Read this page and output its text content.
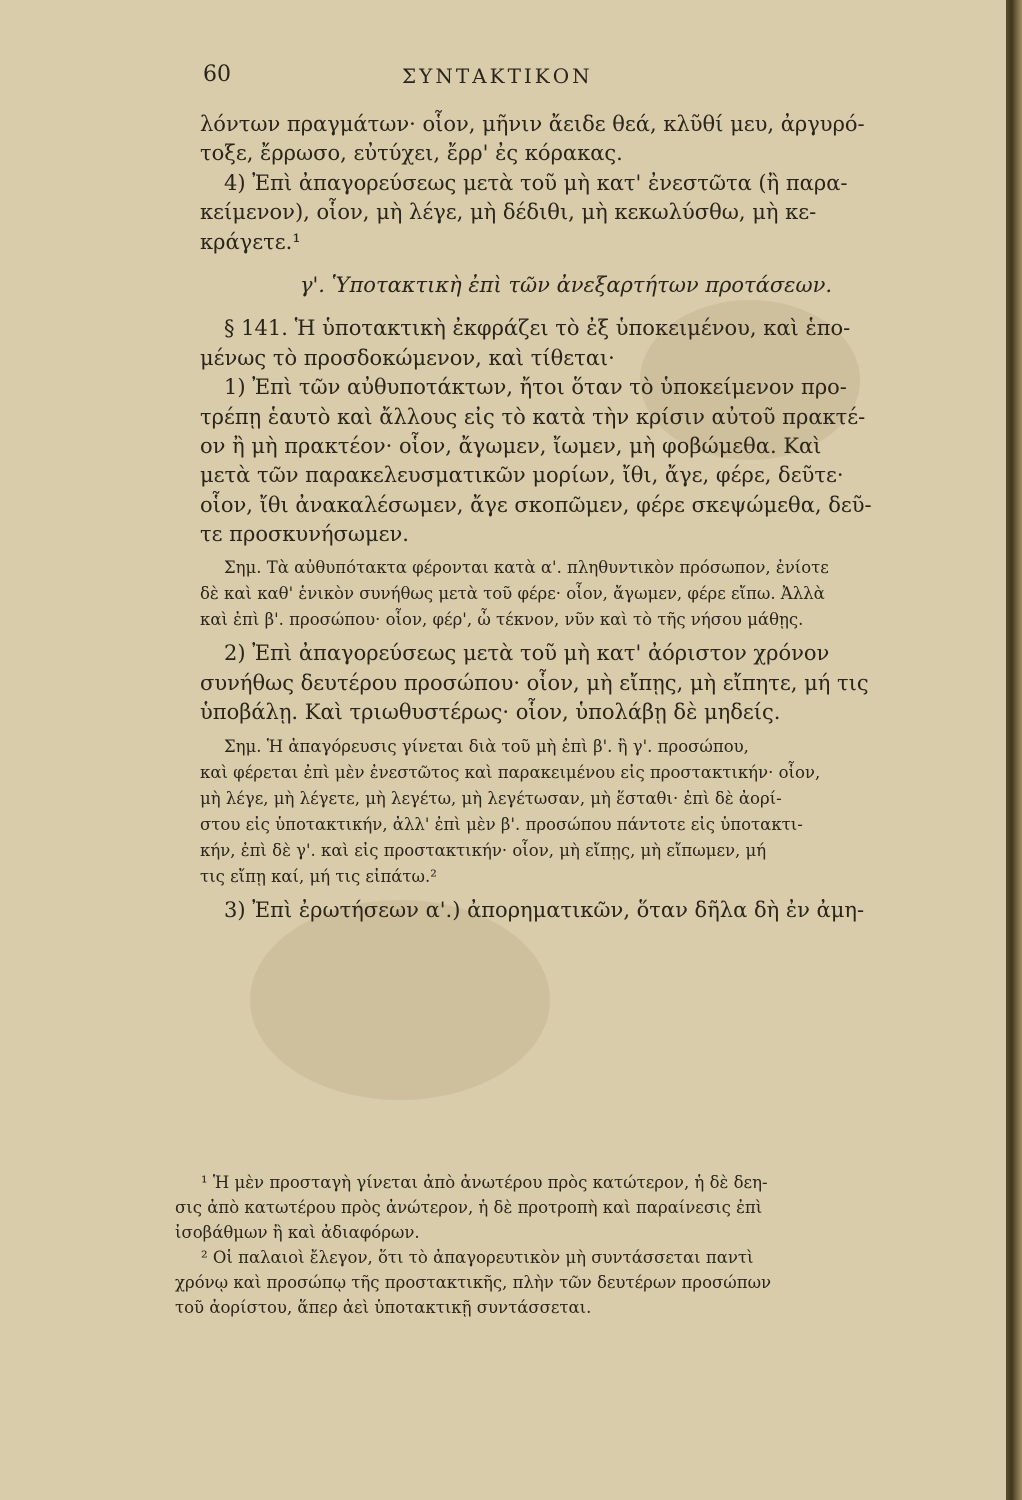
60	ΣΥΝΤΑΚΤΙΚΟΝ
λόντων πραγμάτων· οἷον, μῆνιν ἄειδε θεά, κλῦθί μευ, ἀργυρό-
τοξε, ἔρρωσο, εὐτύχει, ἔρρ' ἐς κόρακας.
4) Ἐπὶ ἀπαγορεύσεως μετὰ τοῦ μὴ κατ' ἐνεστῶτα (ἢ παρα-
κείμενον), οἷον, μὴ λέγε, μὴ δέδιθι, μὴ κεκωλύσθω, μὴ κε-
κράγετε.¹
γ'. Ὑποτακτικὴ ἐπὶ τῶν ἀνεξαρτήτων προτάσεων.
§ 141. Ἡ ὑποτακτικὴ ἐκφράζει τὸ ἐξ ὑποκειμένου, καὶ ἑπο-
μένως τὸ προσδοκώμενον, καὶ τίθεται·
1) Ἐπὶ τῶν αὐθυποτάκτων, ἤτοι ὅταν τὸ ὑποκείμενον προ-
τρέπῃ ἑαυτὸ καὶ ἄλλους εἰς τὸ κατὰ τὴν κρίσιν αὐτοῦ πρακτέ-
ον ἢ μὴ πρακτέον· οἷον, ἄγωμεν, ἴωμεν, μὴ φοβώμεθα. Καὶ
μετὰ τῶν παρακελευσματικῶν μορίων, ἴθι, ἄγε, φέρε, δεῦτε·
οἷον, ἴθι ἀνακαλέσωμεν, ἄγε σκοπῶμεν, φέρε σκεψώμεθα, δεῦ-
τε προσκυνήσωμεν.
Σημ. Τὰ αὐθυπότακτα φέρονται κατὰ α'. πληθυντικὸν πρόσωπον, ἐνίοτε
δὲ καὶ καθ' ἑνικὸν συνήθως μετὰ τοῦ φέρε· οἷον, ἄγωμεν, φέρε εἴπω. Ἀλλὰ
καὶ ἐπὶ β'. προσώπου· οἷον, φέρ', ὦ τέκνον, νῦν καὶ τὸ τῆς νήσου μάθῃς.
2) Ἐπὶ ἀπαγορεύσεως μετὰ τοῦ μὴ κατ' ἀόριστον χρόνον
συνήθως δευτέρου προσώπου· οἷον, μὴ εἴπῃς, μὴ εἴπητε, μή τις
ὑποβάλῃ. Καὶ τριωθυστέρως· οἷον, ὑπολάβῃ δὲ μηδείς.
Σημ. Ἡ ἀπαγόρευσις γίνεται διὰ τοῦ μὴ ἐπὶ β'. ἢ γ'. προσώπου,
καὶ φέρεται ἐπὶ μὲν ἐνεστῶτος καὶ παρακειμένου εἰς προστακτικήν· οἷον,
μὴ λέγε, μὴ λέγετε, μὴ λεγέτω, μὴ λεγέτωσαν, μὴ ἕσταθι· ἐπὶ δὲ ἀορί-
στου εἰς ὑποτακτικήν, ἀλλ' ἐπὶ μὲν β'. προσώπου πάντοτε εἰς ὑποτακτι-
κήν, ἐπὶ δὲ γ'. καὶ εἰς προστακτικήν· οἷον, μὴ εἴπῃς, μὴ εἴπωμεν, μή
τις εἴπῃ καί, μή τις εἰπάτω.²
3) Ἐπὶ ἐρωτήσεων α'.) ἀπορηματικῶν, ὅταν δῆλα δὴ ἐν ἀμη-
¹ Ἡ μὲν προσταγὴ γίνεται ἀπὸ ἀνωτέρου πρὸς κατώτερον, ἡ δὲ δεη-
σις ἀπὸ κατωτέρου πρὸς ἀνώτερον, ἡ δὲ προτροπὴ καὶ παραίνεσις ἐπὶ
ἰσοβάθμων ἢ καὶ ἀδιαφόρων.
² Οἱ παλαιοὶ ἔλεγον, ὅτι τὸ ἀπαγορευτικὸν μὴ συντάσσεται παντὶ
χρόνῳ καὶ προσώπῳ τῆς προστακτικῆς, πλὴν τῶν δευτέρων προσώπων
τοῦ ἀορίστου, ἅπερ ἀεὶ ὑποτακτικῇ συντάσσεται.
